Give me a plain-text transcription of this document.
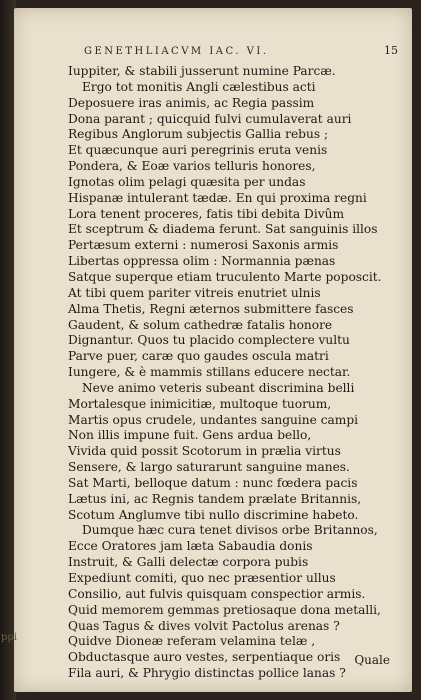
GENETHLIACVM IAC. VI.	15
Iuppiter, & stabili jusserunt numine Parcæ.
Ergo tot monitis Angli cælestibus acti
Deposuere iras animis, ac Regia passim
Dona parant ; quicquid fulvi cumulaverat auri
Regibus Anglorum subjectis Gallia rebus ;
Et quæcunque auri peregrinis eruta venis
Pondera, & Eoæ varios telluris honores,
Ignotas olim pelagi quæsita per undas
Hispanæ intulerant tædæ. En qui proxima regni
Lora tenent proceres, fatis tibi debita Divûm
Et sceptrum & diadema ferunt. Sat sanguinis illos
Pertæsum externi : numerosi Saxonis armis
Libertas oppressa olim : Normannia pænas
Satque superque etiam truculento Marte poposcit.
At tibi quem pariter vitreis enutriet ulnis
Alma Thetis, Regni æternos submittere fasces
Gaudent, & solum cathedræ fatalis honore
Dignantur. Quos tu placido complectere vultu
Parve puer, caræ quo gaudes oscula matri
Iungere, & è mammis stillans educere nectar.
Neve animo veteris subeant discrimina belli
Mortalesque inimicitiæ, multoque tuorum,
Martis opus crudele, undantes sanguine campi
Non illis impune fuit. Gens ardua bello,
Vivida quid possit Scotorum in prælia virtus
Sensere, & largo saturarunt sanguine manes.
Sat Marti, belloque datum : nunc fœdera pacis
Lætus ini, ac Regnis tandem prælate Britannis,
Scotum Anglumve tibi nullo discrimine habeto.
Dumque hæc cura tenet divisos orbe Britannos,
Ecce Oratores jam læta Sabaudia donis
Instruit, & Galli delectæ corpora pubis
Expediunt comiti, quo nec præsentior ullus
Consilio, aut fulvis quisquam conspectior armis.
Quid memorem gemmas pretiosaque dona metalli,
Quas Tagus & dives volvit Pactolus arenas ?
Quidve Dioneæ referam velamina telæ ,
Obductasque auro vestes, serpentiaque oris
Fila auri, & Phrygio distinctas pollice lanas ?
Quale
ppi
